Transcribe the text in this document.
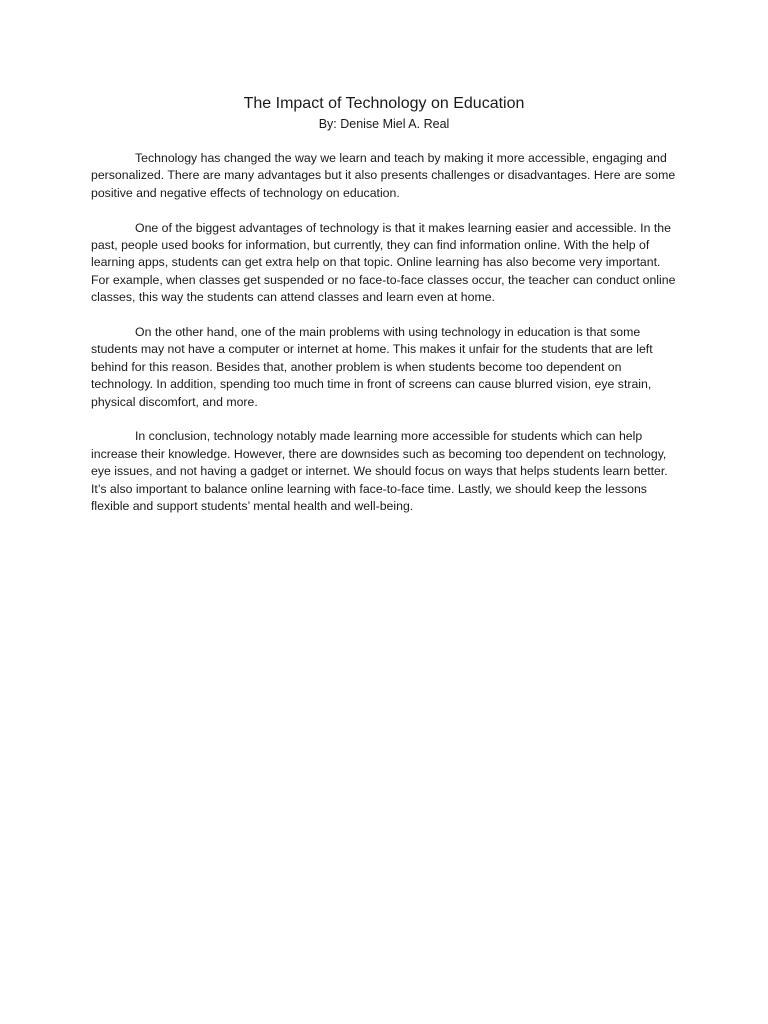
The Impact of Technology on Education
By: Denise Miel A. Real

Technology has changed the way we learn and teach by making it more accessible, engaging and personalized. There are many advantages but it also presents challenges or disadvantages. Here are some positive and negative effects of technology on education.

One of the biggest advantages of technology is that it makes learning easier and accessible. In the past, people used books for information, but currently, they can find information online. With the help of learning apps, students can get extra help on that topic. Online learning has also become very important. For example, when classes get suspended or no face-to-face classes occur, the teacher can conduct online classes, this way the students can attend classes and learn even at home.

On the other hand, one of the main problems with using technology in education is that some students may not have a computer or internet at home. This makes it unfair for the students that are left behind for this reason. Besides that, another problem is when students become too dependent on technology. In addition, spending too much time in front of screens can cause blurred vision, eye strain, physical discomfort, and more.

In conclusion, technology notably made learning more accessible for students which can help increase their knowledge. However, there are downsides such as becoming too dependent on technology, eye issues, and not having a gadget or internet. We should focus on ways that helps students learn better. It’s also important to balance online learning with face-to-face time. Lastly, we should keep the lessons flexible and support students’ mental health and well-being.
